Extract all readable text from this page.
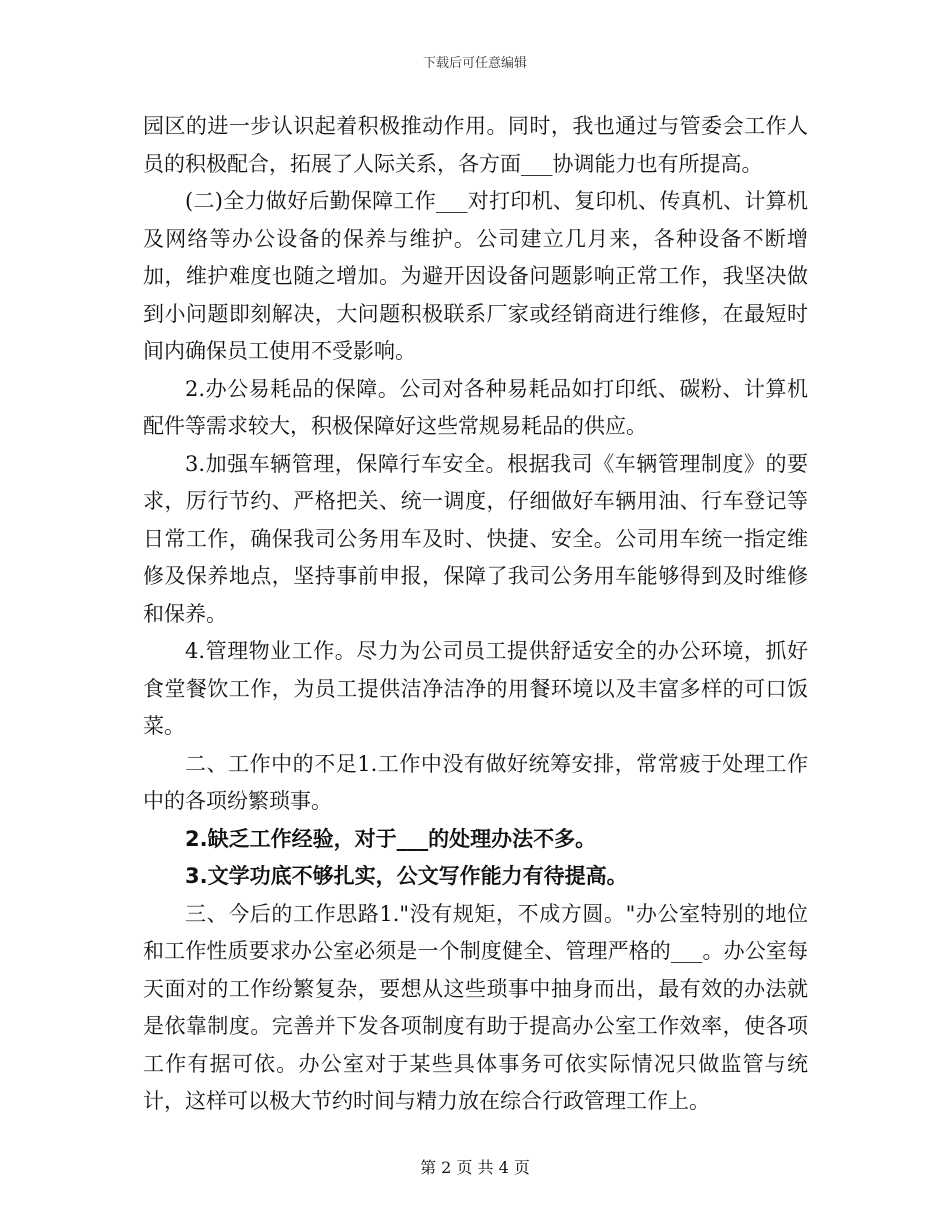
下载后可任意编辑

园区的进一步认识起着积极推动作用。同时，我也通过与管委会工作人员的积极配合，拓展了人际关系，各方面___协调能力也有所提高。

(二)全力做好后勤保障工作___对打印机、复印机、传真机、计算机及网络等办公设备的保养与维护。公司建立几月来，各种设备不断增加，维护难度也随之增加。为避开因设备问题影响正常工作，我坚决做到小问题即刻解决，大问题积极联系厂家或经销商进行维修，在最短时间内确保员工使用不受影响。

2.办公易耗品的保障。公司对各种易耗品如打印纸、碳粉、计算机配件等需求较大，积极保障好这些常规易耗品的供应。

3.加强车辆管理，保障行车安全。根据我司《车辆管理制度》的要求，厉行节约、严格把关、统一调度，仔细做好车辆用油、行车登记等日常工作，确保我司公务用车及时、快捷、安全。公司用车统一指定维修及保养地点，坚持事前申报，保障了我司公务用车能够得到及时维修和保养。

4.管理物业工作。尽力为公司员工提供舒适安全的办公环境，抓好食堂餐饮工作，为员工提供洁净洁净的用餐环境以及丰富多样的可口饭菜。

二、工作中的不足1.工作中没有做好统筹安排，常常疲于处理工作中的各项纷繁琐事。

2.缺乏工作经验，对于___的处理办法不多。

3.文学功底不够扎实，公文写作能力有待提高。

三、今后的工作思路1."没有规矩，不成方圆。"办公室特别的地位和工作性质要求办公室必须是一个制度健全、管理严格的___。办公室每天面对的工作纷繁复杂，要想从这些琐事中抽身而出，最有效的办法就是依靠制度。完善并下发各项制度有助于提高办公室工作效率，使各项工作有据可依。办公室对于某些具体事务可依实际情况只做监管与统计，这样可以极大节约时间与精力放在综合行政管理工作上。

第 2 页 共 4 页
